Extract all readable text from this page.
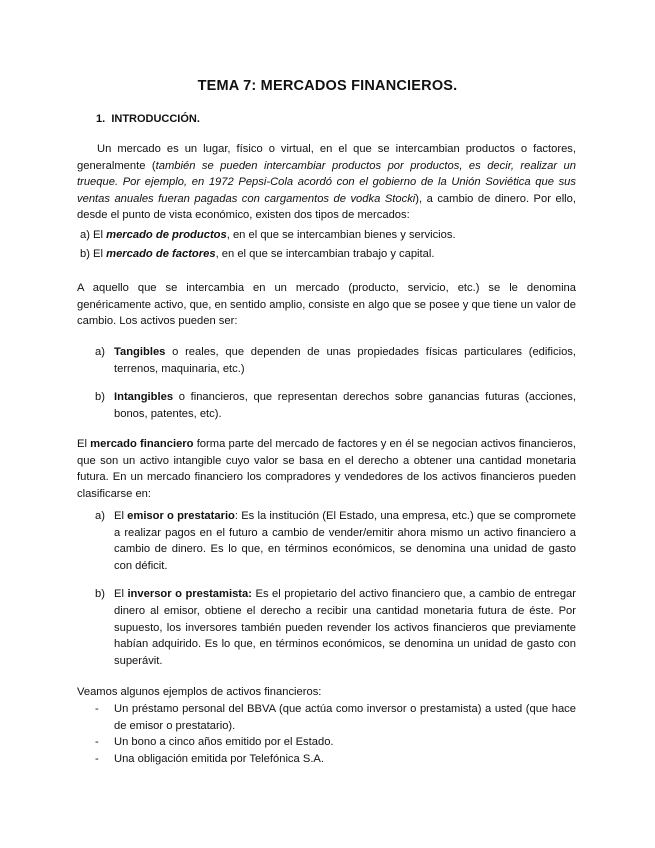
TEMA 7: MERCADOS FINANCIEROS.
1. INTRODUCCIÓN.

Un mercado es un lugar, físico o virtual, en el que se intercambian productos o factores, generalmente (también se pueden intercambiar productos por productos, es decir, realizar un trueque. Por ejemplo, en 1972 Pepsi-Cola acordó con el gobierno de la Unión Soviética que sus ventas anuales fueran pagadas con cargamentos de vodka Stocki), a cambio de dinero. Por ello, desde el punto de vista económico, existen dos tipos de mercados:

a) El mercado de productos, en el que se intercambian bienes y servicios.
b) El mercado de factores, en el que se intercambian trabajo y capital.

A aquello que se intercambia en un mercado (producto, servicio, etc.) se le denomina genéricamente activo, que, en sentido amplio, consiste en algo que se posee y que tiene un valor de cambio. Los activos pueden ser:

a) Tangibles o reales, que dependen de unas propiedades físicas particulares (edificios, terrenos, maquinaria, etc.)
b) Intangibles o financieros, que representan derechos sobre ganancias futuras (acciones, bonos, patentes, etc).

El mercado financiero forma parte del mercado de factores y en él se negocian activos financieros, que son un activo intangible cuyo valor se basa en el derecho a obtener una cantidad monetaria futura. En un mercado financiero los compradores y vendedores de los activos financieros pueden clasificarse en:

a) El emisor o prestatario: Es la institución (El Estado, una empresa, etc.) que se compromete a realizar pagos en el futuro a cambio de vender/emitir ahora mismo un activo financiero a cambio de dinero. Es lo que, en términos económicos, se denomina una unidad de gasto con déficit.
b) El inversor o prestamista: Es el propietario del activo financiero que, a cambio de entregar dinero al emisor, obtiene el derecho a recibir una cantidad monetaria futura de éste. Por supuesto, los inversores también pueden revender los activos financieros que previamente habían adquirido. Es lo que, en términos económicos, se denomina un unidad de gasto con superávit.

Veamos algunos ejemplos de activos financieros:

- Un préstamo personal del BBVA (que actúa como inversor o prestamista) a usted (que hace de emisor o prestatario).
- Un bono a cinco años emitido por el Estado.
- Una obligación emitida por Telefónica S.A.
